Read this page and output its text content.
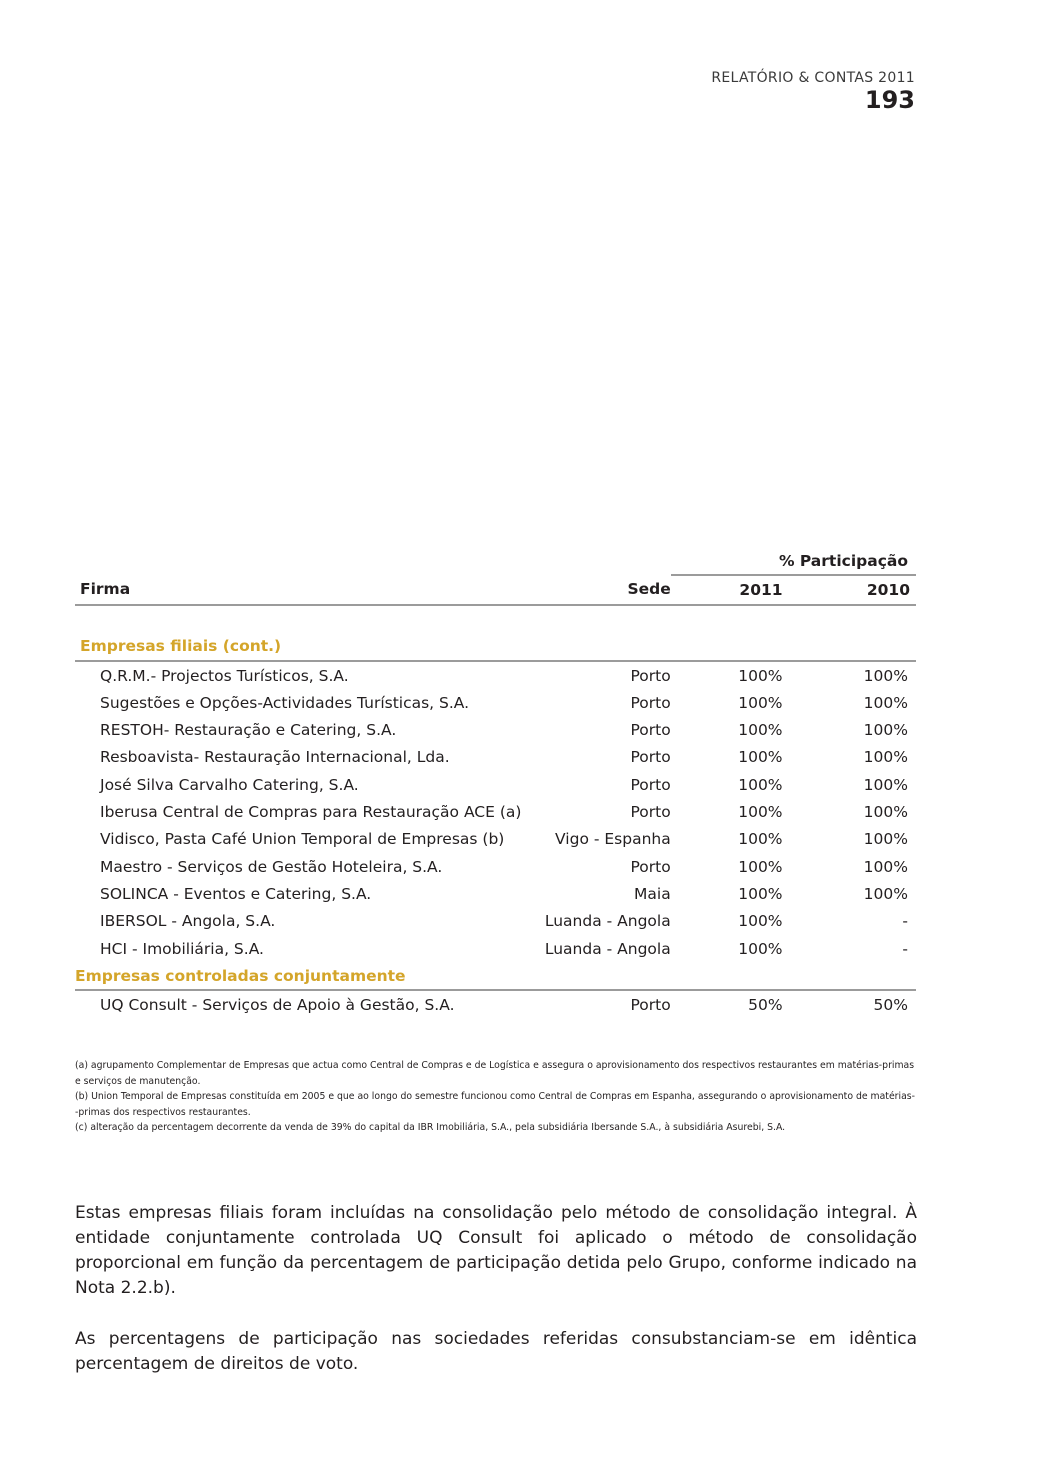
RELATÓRIO & CONTAS 2011
193
		% Participação	
Firma	Sede	2011	2010

Empresas filiais (cont.)			
Q.R.M.- Projectos Turísticos, S.A.	Porto	100%	100%
Sugestões e Opções-Actividades Turísticas, S.A.	Porto	100%	100%
RESTOH- Restauração e Catering, S.A.	Porto	100%	100%
Resboavista- Restauração Internacional, Lda.	Porto	100%	100%
José Silva Carvalho Catering, S.A.	Porto	100%	100%
Iberusa Central de Compras para Restauração ACE (a)	Porto	100%	100%
Vidisco, Pasta Café Union Temporal de Empresas (b)	Vigo - Espanha	100%	100%
Maestro - Serviços de Gestão Hoteleira, S.A.	Porto	100%	100%
SOLINCA - Eventos e Catering, S.A.	Maia	100%	100%
IBERSOL - Angola, S.A.	Luanda - Angola	100%	-
HCI - Imobiliária, S.A.	Luanda - Angola	100%	-
Empresas controladas conjuntamente			
UQ Consult - Serviços de Apoio à Gestão, S.A.	Porto	50%	50%

(a) agrupamento Complementar de Empresas que actua como Central de Compras e de Logística e assegura o aprovisionamento dos respectivos restaurantes em matérias-primas e serviços de manutenção.

(b) Union Temporal de Empresas constituída em 2005 e que ao longo do semestre funcionou como Central de Compras em Espanha, assegurando o aprovisionamento de matérias--primas dos respectivos restaurantes.

(c) alteração da percentagem decorrente da venda de 39% do capital da IBR Imobiliária, S.A., pela subsidiária Ibersande S.A., à subsidiária Asurebi, S.A.

Estas empresas filiais foram incluídas na consolidação pelo método de consolidação integral. À entidade conjuntamente controlada UQ Consult foi aplicado o método de consolidação proporcional em função da percentagem de participação detida pelo Grupo, conforme indicado na Nota 2.2.b).

As percentagens de participação nas sociedades referidas consubstanciam-se em idêntica percentagem de direitos de voto.
